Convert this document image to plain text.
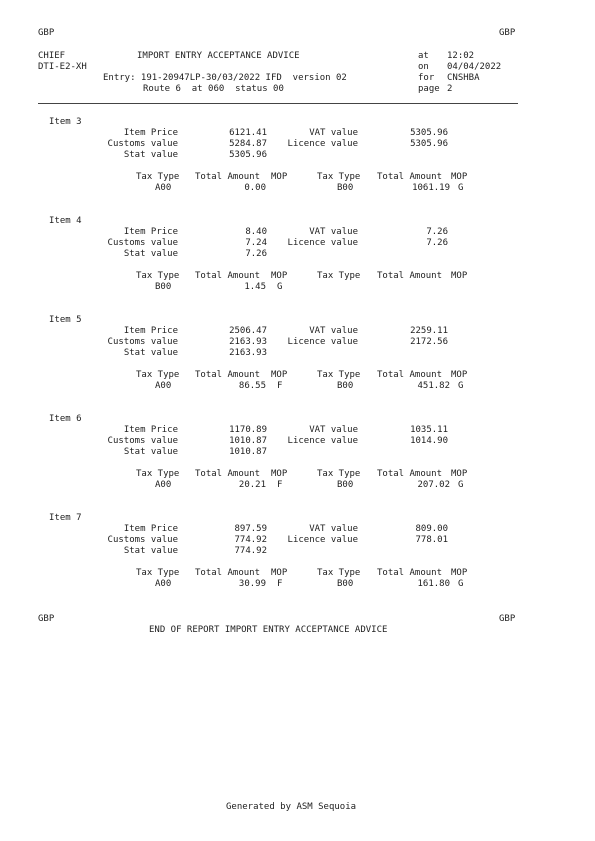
GBP	GBP
CHIEF	IMPORT ENTRY ACCEPTANCE ADVICE	at 12:02
DTI-E2-XH	on 04/04/2022
Entry: 191-20947LP-30/03/2022 IFD  version 02	for CNSHBA
Route 6  at 060  status 00	page 2
Item 3
Item Price	6121.41	VAT value	5305.96
Customs value	5284.87	Licence value	5305.96
Stat value	5305.96
Tax Type Total Amount MOP	Tax Type Total Amount MOP
A00	0.00	B00	1061.19 G
Item 4
Item Price	8.40	VAT value	7.26
Customs value	7.24	Licence value	7.26
Stat value	7.26
Tax Type Total Amount MOP	Tax Type Total Amount MOP
B00	1.45 G
Item 5
Item Price	2506.47	VAT value	2259.11
Customs value	2163.93	Licence value	2172.56
Stat value	2163.93
Tax Type Total Amount MOP	Tax Type Total Amount MOP
A00	86.55 F	B00	451.82 G
Item 6
Item Price	1170.89	VAT value	1035.11
Customs value	1010.87	Licence value	1014.90
Stat value	1010.87
Tax Type Total Amount MOP	Tax Type Total Amount MOP
A00	20.21 F	B00	207.02 G
Item 7
Item Price	897.59	VAT value	809.00
Customs value	774.92	Licence value	778.01
Stat value	774.92
Tax Type Total Amount MOP	Tax Type Total Amount MOP
A00	30.99 F	B00	161.80 G
GBP	GBP
END OF REPORT IMPORT ENTRY ACCEPTANCE ADVICE
Generated by ASM Sequoia
